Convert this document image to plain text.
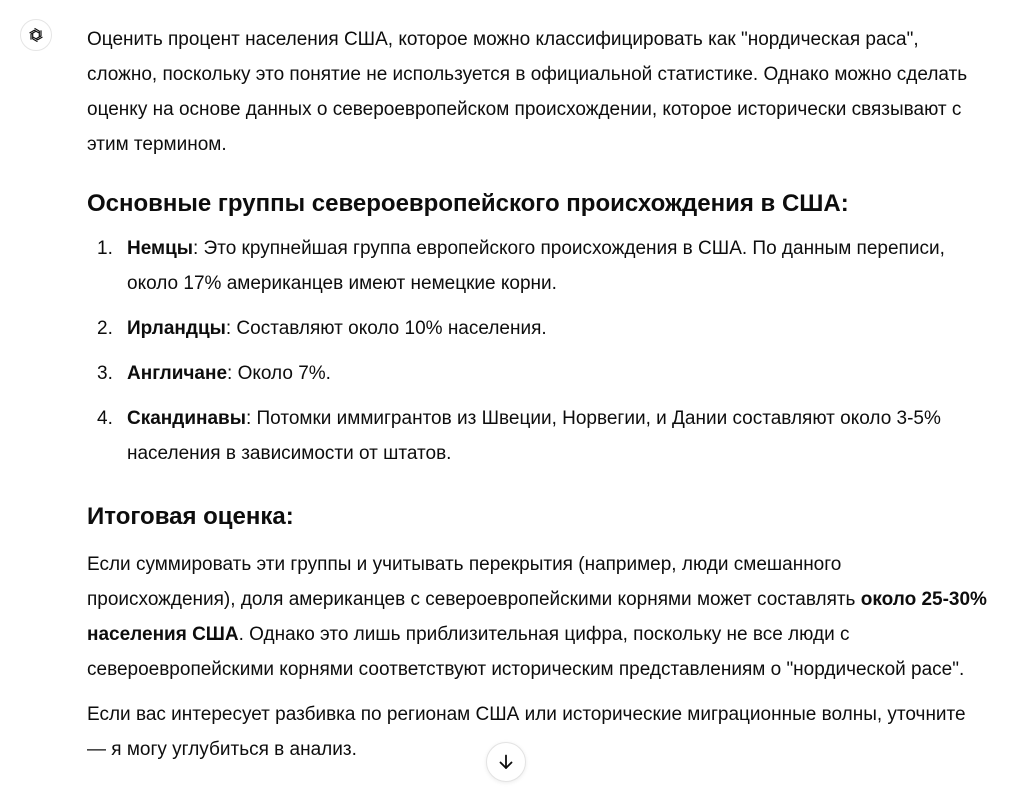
Оценить процент населения США, которое можно классифицировать как "нордическая раса", сложно, поскольку это понятие не используется в официальной статистике. Однако можно сделать оценку на основе данных о североевропейском происхождении, которое исторически связывают с этим термином.

Основные группы североевропейского происхождения в США:
1. Немцы: Это крупнейшая группа европейского происхождения в США. По данным переписи, около 17% американцев имеют немецкие корни.
2. Ирландцы: Составляют около 10% населения.
3. Англичане: Около 7%.
4. Скандинавы: Потомки иммигрантов из Швеции, Норвегии, и Дании составляют около 3-5% населения в зависимости от штатов.
Итоговая оценка:

Если суммировать эти группы и учитывать перекрытия (например, люди смешанного происхождения), доля американцев с североевропейскими корнями может составлять около 25-30% населения США. Однако это лишь приблизительная цифра, поскольку не все люди с североевропейскими корнями соответствуют историческим представлениям о "нордической расе".

Если вас интересует разбивка по регионам США или исторические миграционные волны, уточните — я могу углубиться в анализ.
